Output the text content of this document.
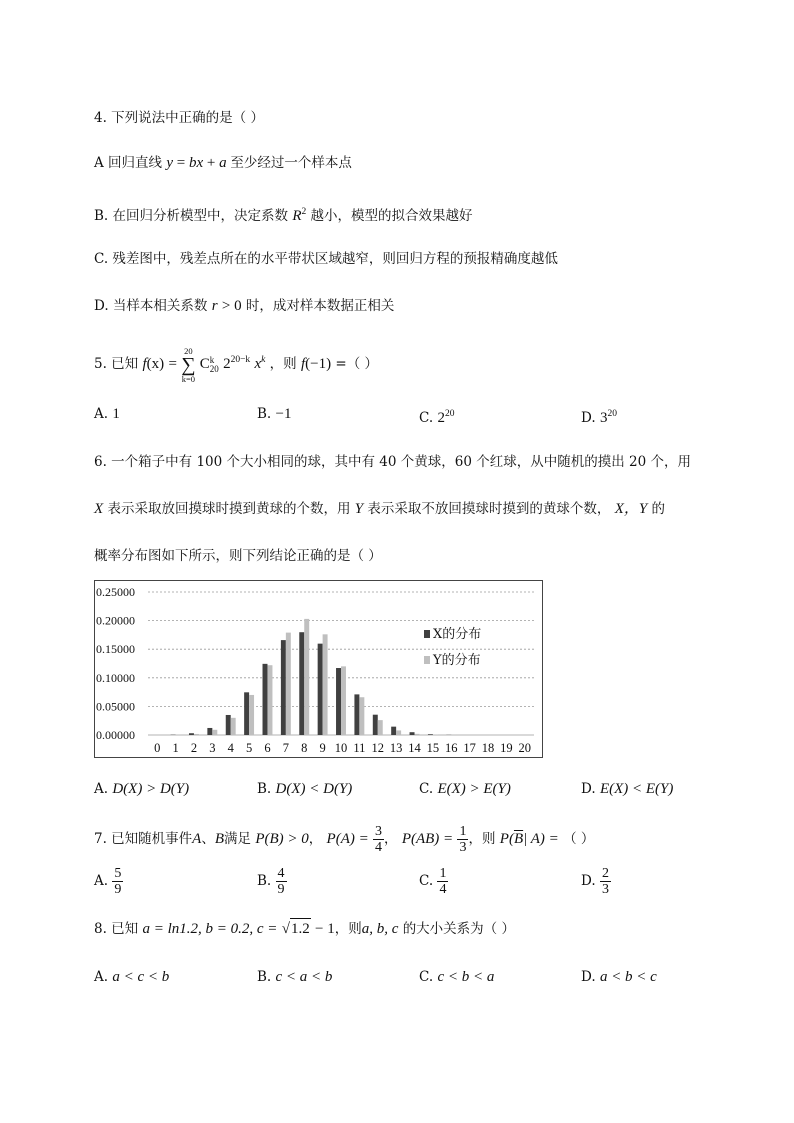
4. 下列说法中正确的是（ ）
A 回归直线 y = bx + a 至少经过一个样本点
B. 在回归分析模型中，决定系数 $R^2$ 越小，模型的拟合效果越好
C. 残差图中，残差点所在的水平带状区域越窄，则回归方程的预报精确度越低
D. 当样本相关系数 r > 0 时，成对样本数据正相关
5. 已知 f(x) =
20
∑
k=0
C k
20 $2^{20-k}$ $x^k$ ，则 f(−1) =（ ）
A. 1	B. −1	C. $2^{20}$	D. $3^{20}$
6. 一个箱子中有 100 个大小相同的球，其中有 40 个黄球，60 个红球，从中随机的摸出 20 个，用
X 表示采取放回摸球时摸到黄球的个数，用 Y 表示采取不放回摸球时摸到的黄球个数， X，Y 的
概率分布图如下所示，则下列结论正确的是（ ）
0.00000
0.05000
0.10000
0.15000
0.20000
0.25000
0 1 2 3 4 5 6 7 8 9 10 11 12 13 14 15 16 17 18 19 20
X的分布
Y的分布
A. D(X) > D(Y)	B. D(X) < D(Y)	C. E(X) > E(Y)	D. E(X) < E(Y)
7. 已知随机事件A、B满足 P(B) > 0， $P(A) = \frac{3}{4}$ ， $P(AB) = \frac{1}{3}$ ，则 $P(\overline{B}|$ A) = （ ）
A. $\frac{5}{9}$	B. $\frac{4}{9}$	C. $\frac{1}{4}$	D. $\frac{2}{3}$
8. 已知 a = ln1.2, b = 0.2, c = √1.2 − 1，则a, b, c 的大小关系为（ ）
A. a < c < b	B. c < a < b	C. c < b < a	D. a < b < c
